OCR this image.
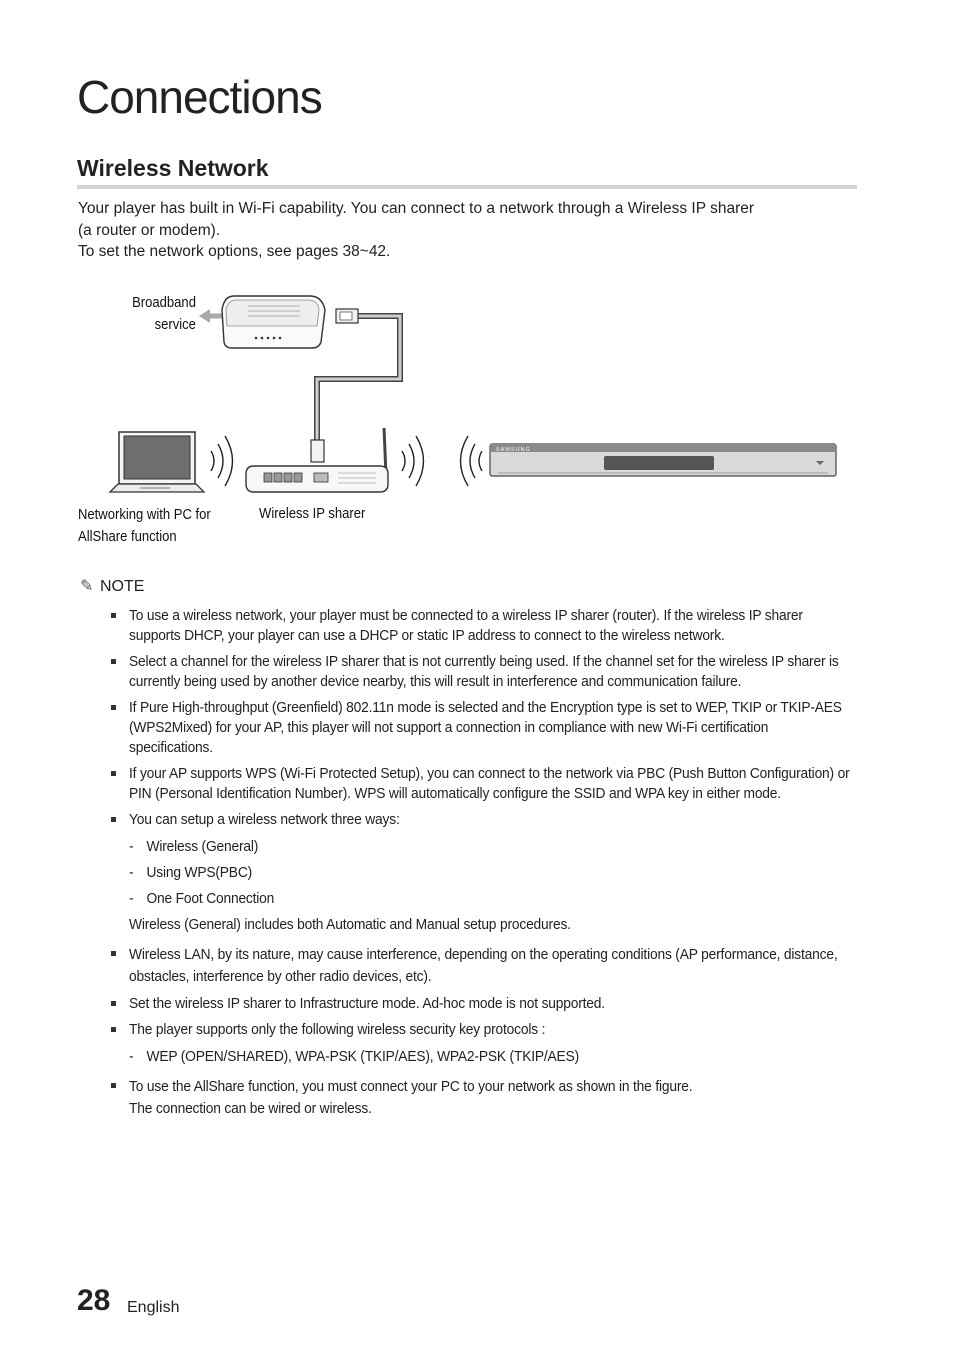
Connections
Wireless Network

Your player has built in Wi-Fi capability. You can connect to a network through a Wireless IP sharer

(a router or modem).

To set the network options, see pages 38~42.

SAMSUNG
Broadband
service
Networking with PC for
AllShare function
Wireless IP sharer
✎ NOTE
To use a wireless network, your player must be connected to a wireless IP sharer (router). If the wireless IP sharer supports DHCP, your player can use a DHCP or static IP address to connect to the wireless network.
Select a channel for the wireless IP sharer that is not currently being used. If the channel set for the wireless IP sharer is currently being used by another device nearby, this will result in interference and communication failure.
If Pure High-throughput (Greenfield) 802.11n mode is selected and the Encryption type is set to WEP, TKIP or TKIP-AES (WPS2Mixed) for your AP, this player will not support a connection in compliance with new Wi-Fi certification specifications.
If your AP supports WPS (Wi-Fi Protected Setup), you can connect to the network via PBC (Push Button Configuration) or PIN (Personal Identification Number). WPS will automatically configure the SSID and WPA key in either mode.
You can setup a wireless network three ways:
- Wireless (General)
- Using WPS(PBC)
- One Foot Connection
Wireless (General) includes both Automatic and Manual setup procedures.
Wireless LAN, by its nature, may cause interference, depending on the operating conditions (AP performance, distance, obstacles, interference by other radio devices, etc).
Set the wireless IP sharer to Infrastructure mode. Ad-hoc mode is not supported.
The player supports only the following wireless security key protocols :
- WEP (OPEN/SHARED), WPA-PSK (TKIP/AES), WPA2-PSK (TKIP/AES)
To use the AllShare function, you must connect your PC to your network as shown in the figure.
The connection can be wired or wireless.
28 English
